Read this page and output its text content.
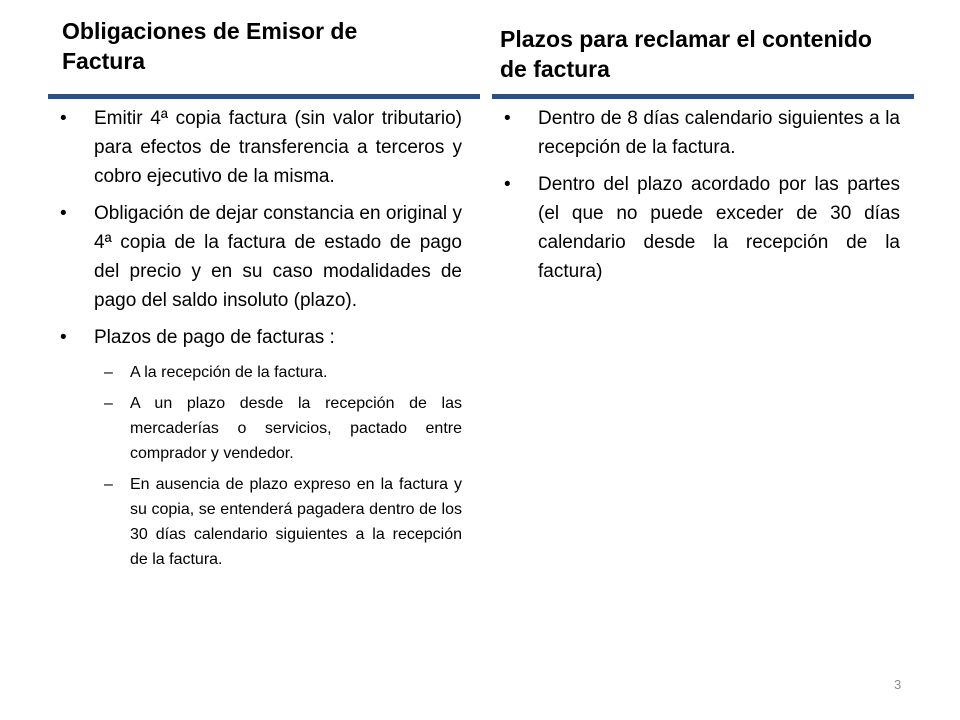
Obligaciones de Emisor de Factura
Plazos para reclamar el contenido de factura
• Emitir 4ª copia factura (sin valor tributario) para efectos de transferencia a terceros y cobro ejecutivo de la misma.
• Obligación de dejar constancia en original y 4ª copia de la factura de estado de pago del precio y en su caso modalidades de pago del saldo insoluto (plazo).
• Plazos de pago de facturas :
– A la recepción de la factura.
– A un plazo desde la recepción de las mercaderías o servicios, pactado entre comprador y vendedor.
– En ausencia de plazo expreso en la factura y su copia, se entenderá pagadera dentro de los 30 días calendario siguientes a la recepción de la factura.
• Dentro de 8 días calendario siguientes a la recepción de la factura.
• Dentro del plazo acordado por las partes (el que no puede exceder de 30 días calendario desde la recepción de la factura)
3
